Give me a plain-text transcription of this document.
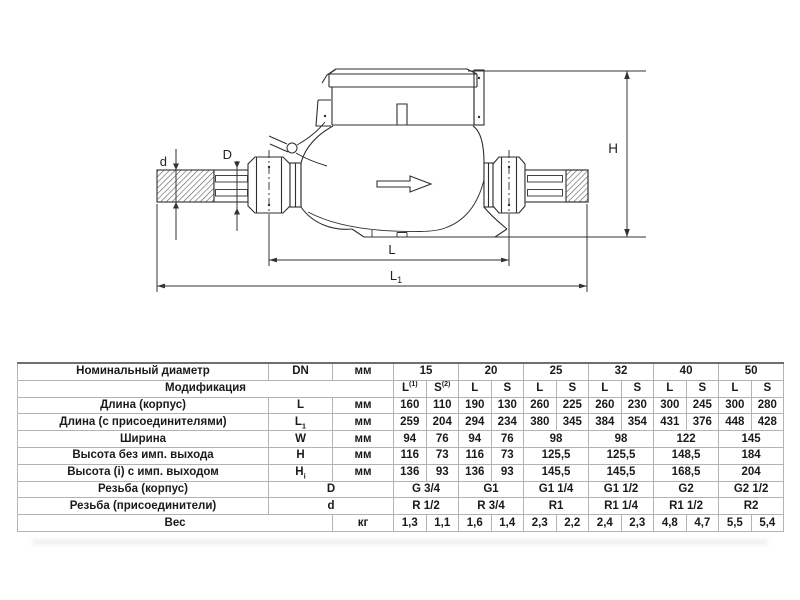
d	D	H
L
$L_1$
Номинальный диаметр	DN	мм	15		20		25		32		40		50	
Модификация			$L^{(1)}$	$S^{(2)}$	L	S	L	S	L	S	L	S	L	S
Длина (корпус)	L	мм	160	110	190	130	260	225	260	230	300	245	300	280
Длина (с присоединителями)	$L_1$	мм	259	204	294	234	380	345	384	354	431	376	448	428
Ширина	W	мм	94	76	94	76	98		98		122		145	
Высота без имп. выхода	H	мм	116	73	116	73	125,5		125,5		148,5		184	
Высота (i) с имп. выходом	$H_i$	мм	136	93	136	93	145,5		145,5		168,5		204	
Резьба (корпус)	D		G 3/4		G1		G1 1/4		G1 1/2		G2		G2 1/2	
Резьба (присоединители)	d		R 1/2		R 3/4		R1		R1 1/4		R1 1/2		R2	
Вес		кг	1,3	1,1	1,6	1,4	2,3	2,2	2,4	2,3	4,8	4,7	5,5	5,4
